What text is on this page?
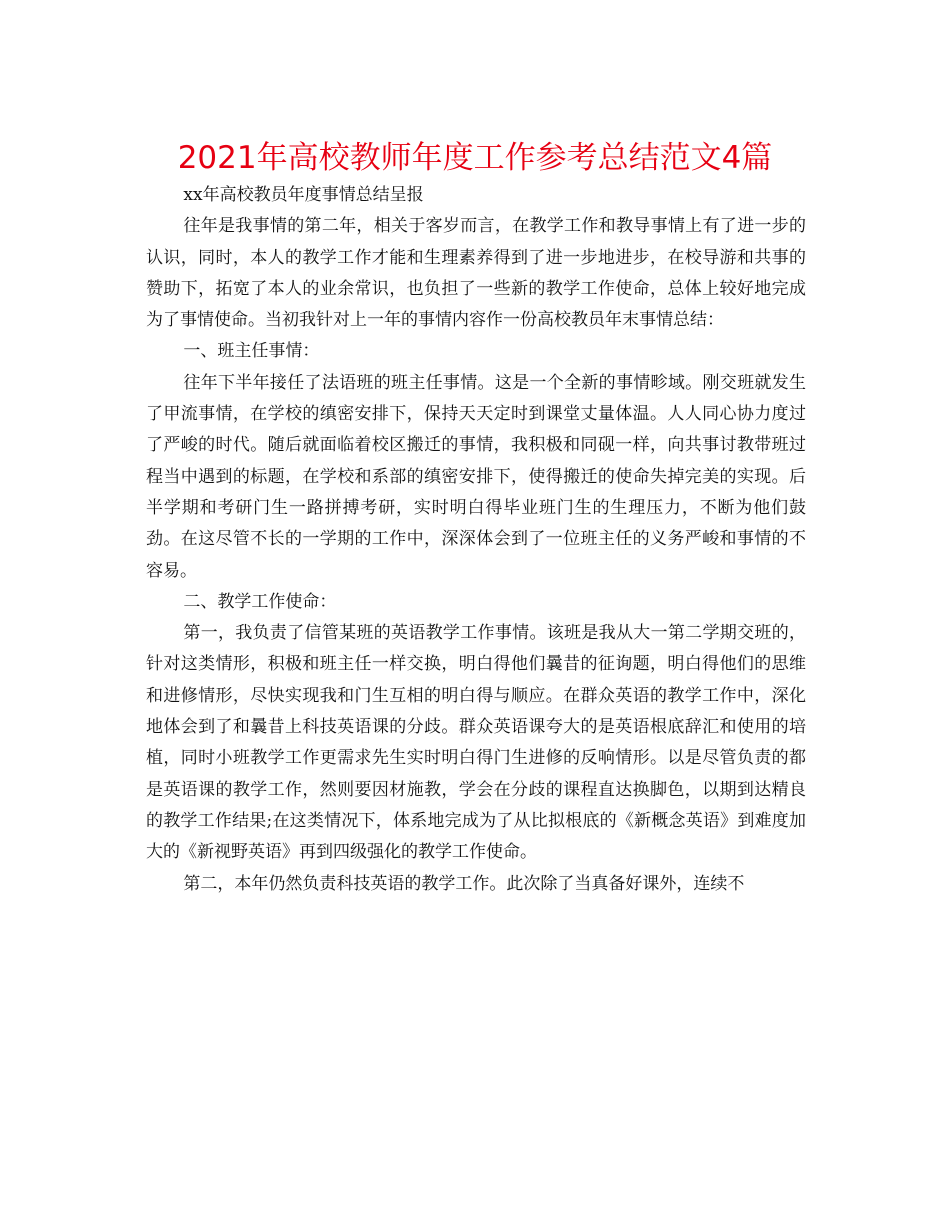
2021年高校教师年度工作参考总结范文4篇

xx年高校教员年度事情总结呈报

往年是我事情的第二年，相关于客岁而言，在教学工作和教导事情上有了进一步的认识，同时，本人的教学工作才能和生理素养得到了进一步地进步，在校导游和共事的赞助下，拓宽了本人的业余常识，也负担了一些新的教学工作使命，总体上较好地完成为了事情使命。当初我针对上一年的事情内容作一份高校教员年末事情总结：

一、班主任事情：

往年下半年接任了法语班的班主任事情。这是一个全新的事情畛域。刚交班就发生了甲流事情，在学校的缜密安排下，保持天天定时到课堂丈量体温。人人同心协力度过了严峻的时代。随后就面临着校区搬迁的事情，我积极和同砚一样，向共事讨教带班过程当中遇到的标题，在学校和系部的缜密安排下，使得搬迁的使命失掉完美的实现。后半学期和考研门生一路拼搏考研，实时明白得毕业班门生的生理压力，不断为他们鼓劲。在这尽管不长的一学期的工作中，深深体会到了一位班主任的义务严峻和事情的不容易。

二、教学工作使命：

第一，我负责了信管某班的英语教学工作事情。该班是我从大一第二学期交班的，针对这类情形，积极和班主任一样交换，明白得他们曩昔的征询题，明白得他们的思维和进修情形，尽快实现我和门生互相的明白得与顺应。在群众英语的教学工作中，深化地体会到了和曩昔上科技英语课的分歧。群众英语课夸大的是英语根底辞汇和使用的培植，同时小班教学工作更需求先生实时明白得门生进修的反响情形。以是尽管负责的都是英语课的教学工作，然则要因材施教，学会在分歧的课程直达换脚色，以期到达精良的教学工作结果;在这类情况下，体系地完成为了从比拟根底的《新概念英语》到难度加大的《新视野英语》再到四级强化的教学工作使命。

第二，本年仍然负责科技英语的教学工作。此次除了当真备好课外，连续不
